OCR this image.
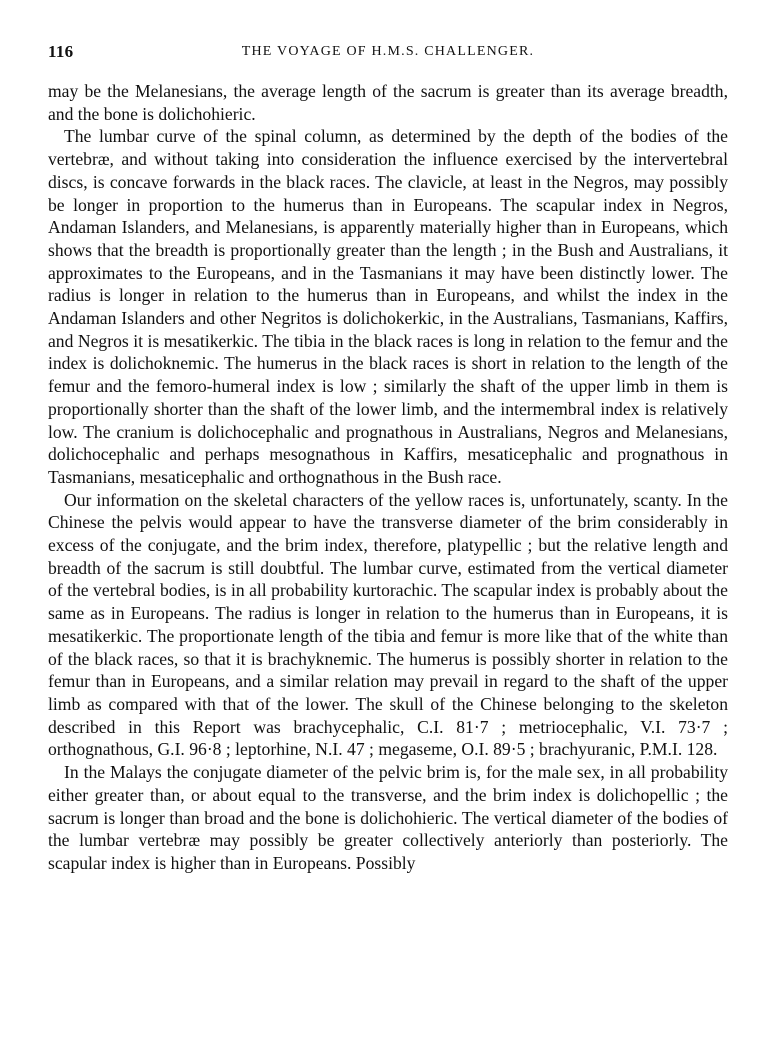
116	THE VOYAGE OF H.M.S. CHALLENGER.

may be the Melanesians, the average length of the sacrum is greater than its average breadth, and the bone is dolichohieric.

The lumbar curve of the spinal column, as determined by the depth of the bodies of the vertebræ, and without taking into consideration the influence exercised by the intervertebral discs, is concave forwards in the black races. The clavicle, at least in the Negros, may possibly be longer in proportion to the humerus than in Europeans. The scapular index in Negros, Andaman Islanders, and Melanesians, is apparently materially higher than in Europeans, which shows that the breadth is proportionally greater than the length ; in the Bush and Australians, it approximates to the Europeans, and in the Tasmanians it may have been distinctly lower. The radius is longer in relation to the humerus than in Europeans, and whilst the index in the Andaman Islanders and other Negritos is dolichokerkic, in the Australians, Tasmanians, Kaffirs, and Negros it is mesatikerkic. The tibia in the black races is long in relation to the femur and the index is dolichoknemic. The humerus in the black races is short in relation to the length of the femur and the femoro-humeral index is low ; similarly the shaft of the upper limb in them is proportionally shorter than the shaft of the lower limb, and the intermembral index is relatively low. The cranium is dolichocephalic and prognathous in Australians, Negros and Melanesians, dolichocephalic and perhaps mesognathous in Kaffirs, mesaticephalic and prognathous in Tasmanians, mesaticephalic and orthognathous in the Bush race.

Our information on the skeletal characters of the yellow races is, unfortunately, scanty. In the Chinese the pelvis would appear to have the transverse diameter of the brim considerably in excess of the conjugate, and the brim index, therefore, platypellic ; but the relative length and breadth of the sacrum is still doubtful. The lumbar curve, estimated from the vertical diameter of the vertebral bodies, is in all probability kurtorachic. The scapular index is probably about the same as in Europeans. The radius is longer in relation to the humerus than in Europeans, it is mesatikerkic. The proportionate length of the tibia and femur is more like that of the white than of the black races, so that it is brachyknemic. The humerus is possibly shorter in relation to the femur than in Europeans, and a similar relation may prevail in regard to the shaft of the upper limb as compared with that of the lower. The skull of the Chinese belonging to the skeleton described in this Report was brachycephalic, C.I. 81·7 ; metriocephalic, V.I. 73·7 ; orthognathous, G.I. 96·8 ; leptorhine, N.I. 47 ; megaseme, O.I. 89·5 ; brachyuranic, P.M.I. 128.

In the Malays the conjugate diameter of the pelvic brim is, for the male sex, in all probability either greater than, or about equal to the transverse, and the brim index is dolichopellic ; the sacrum is longer than broad and the bone is dolichohieric. The vertical diameter of the bodies of the lumbar vertebræ may possibly be greater collectively anteriorly than posteriorly. The scapular index is higher than in Europeans. Possibly
